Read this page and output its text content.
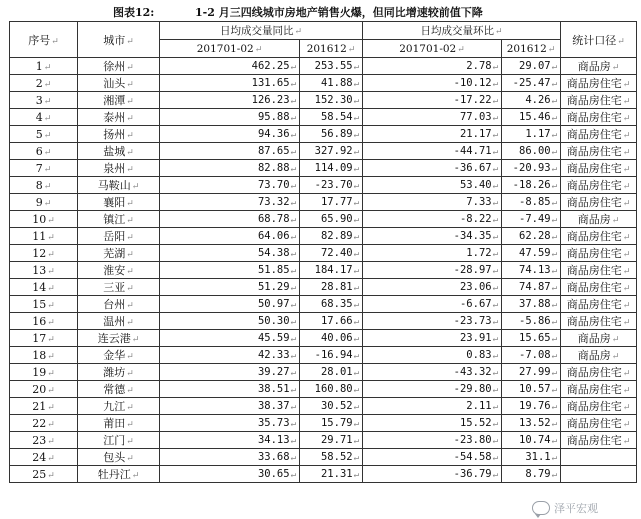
图表12:	1-2 月三四线城市房地产销售火爆，但同比增速较前值下降
序号↵	城市↵	日均成交量同比↵		日均成交量环比↵		统计口径↵
		201701-02↵	201612↵	201701-02↵	201612↵	
1↵	徐州↵	462.25↵	253.55↵	2.78↵	29.07↵	商品房↵
2↵	汕头↵	131.65↵	41.88↵	-10.12↵	-25.47↵	商品房住宅↵
3↵	湘潭↵	126.23↵	152.30↵	-17.22↵	4.26↵	商品房住宅↵
4↵	泰州↵	95.88↵	58.54↵	77.03↵	15.46↵	商品房住宅↵
5↵	扬州↵	94.36↵	56.89↵	21.17↵	1.17↵	商品房住宅↵
6↵	盐城↵	87.65↵	327.92↵	-44.71↵	86.00↵	商品房住宅↵
7↵	泉州↵	82.88↵	114.09↵	-36.67↵	-20.93↵	商品房住宅↵
8↵	马鞍山↵	73.70↵	-23.70↵	53.40↵	-18.26↵	商品房住宅↵
9↵	襄阳↵	73.32↵	17.77↵	7.33↵	-8.85↵	商品房住宅↵
10↵	镇江↵	68.78↵	65.90↵	-8.22↵	-7.49↵	商品房↵
11↵	岳阳↵	64.06↵	82.89↵	-34.35↵	62.28↵	商品房住宅↵
12↵	芜湖↵	54.38↵	72.40↵	1.72↵	47.59↵	商品房住宅↵
13↵	淮安↵	51.85↵	184.17↵	-28.97↵	74.13↵	商品房住宅↵
14↵	三亚↵	51.29↵	28.81↵	23.06↵	74.87↵	商品房住宅↵
15↵	台州↵	50.97↵	68.35↵	-6.67↵	37.88↵	商品房住宅↵
16↵	温州↵	50.30↵	17.66↵	-23.73↵	-5.86↵	商品房住宅↵
17↵	连云港↵	45.59↵	40.06↵	23.91↵	15.65↵	商品房↵
18↵	金华↵	42.33↵	-16.94↵	0.83↵	-7.08↵	商品房↵
19↵	潍坊↵	39.27↵	28.01↵	-43.32↵	27.99↵	商品房住宅↵
20↵	常德↵	38.51↵	160.80↵	-29.80↵	10.57↵	商品房住宅↵
21↵	九江↵	38.37↵	30.52↵	2.11↵	19.76↵	商品房住宅↵
22↵	莆田↵	35.73↵	15.79↵	15.52↵	13.52↵	商品房住宅↵
23↵	江门↵	34.13↵	29.71↵	-23.80↵	10.74↵	商品房住宅↵
24↵	包头↵	33.68↵	58.52↵	-54.58↵	31.1↵	
25↵	牡丹江↵	30.65↵	21.31↵	-36.79↵	8.79↵	
泽平宏观
